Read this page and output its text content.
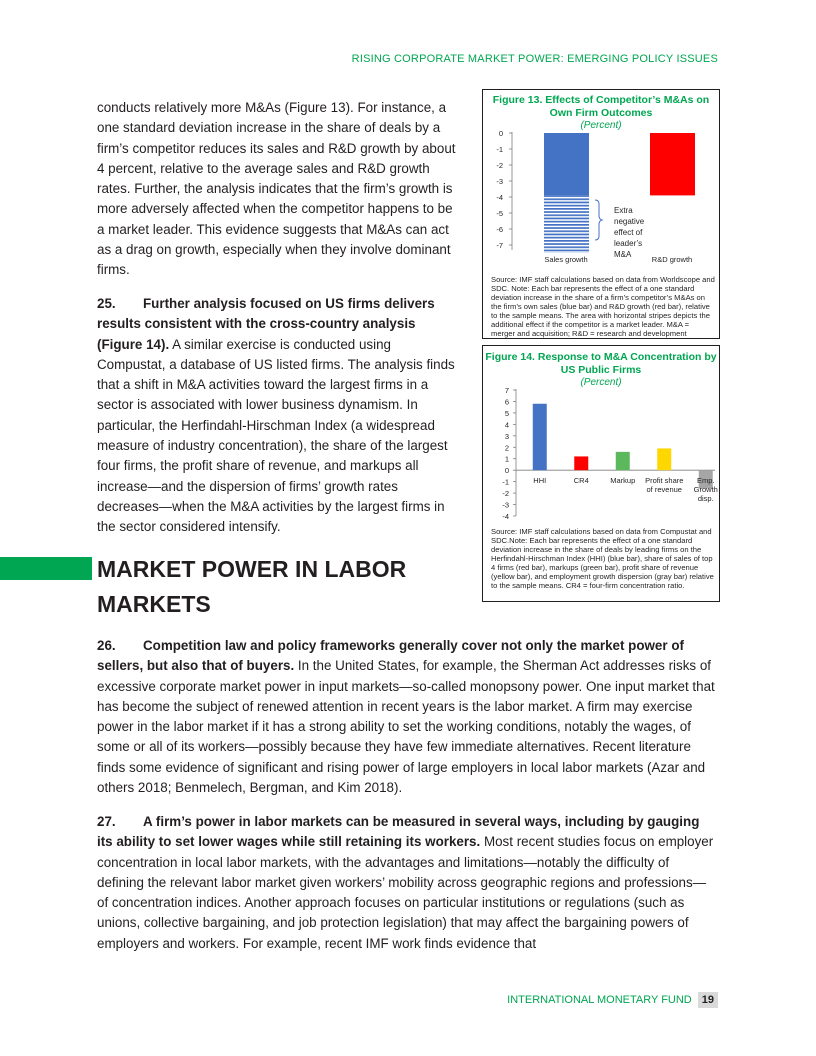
RISING CORPORATE MARKET POWER: EMERGING POLICY ISSUES

conducts relatively more M&As (Figure 13). For instance, a one standard deviation increase in the share of deals by a firm’s competitor reduces its sales and R&D growth by about 4 percent, relative to the average sales and R&D growth rates. Further, the analysis indicates that the firm’s growth is more adversely affected when the competitor happens to be a market leader. This evidence suggests that M&As can act as a drag on growth, especially when they involve dominant firms.

25. Further analysis focused on US firms delivers results consistent with the cross-country analysis (Figure 14). A similar exercise is conducted using Compustat, a database of US listed firms. The analysis finds that a shift in M&A activities toward the largest firms in a sector is associated with lower business dynamism. In particular, the Herfindahl-Hirschman Index (a widespread measure of industry concentration), the share of the largest four firms, the profit share of revenue, and markups all increase—and the dispersion of firms’ growth rates decreases—when the M&A activities by the largest firms in the sector considered intensify.

MARKET POWER IN LABOR MARKETS
Figure 13. Effects of Competitor’s M&As on Own Firm Outcomes
(Percent)
0
-1
-2
-3
-4
-5
-6
-7
Extra
negative
effect of
leader’s
M&A
Sales growth	R&D growth
Source: IMF staff calculations based on data from Worldscope and SDC. Note: Each bar represents the effect of a one standard deviation increase in the share of a firm’s competitor’s M&As on the firm’s own sales (blue bar) and R&D growth (red bar), relative to the sample means. The area with horizontal stripes depicts the additional effect if the competitor is a market leader. M&A = merger and acquisition; R&D = research and development
Figure 14. Response to M&A Concentration by US Public Firms
(Percent)
7
6
5
4
3
2
1
0
-1
-2
-3
-4
HHI	CR4	Markup Profit share
of revenue
Emp.
Growth
disp.
Source: IMF staff calculations based on data from Compustat and SDC.Note: Each bar represents the effect of a one standard deviation increase in the share of deals by leading firms on the Herfindahl-Hirschman Index (HHI) (blue bar), share of sales of top 4 firms (red bar), markups (green bar), profit share of revenue (yellow bar), and employment growth dispersion (gray bar) relative to the sample means. CR4 = four-firm concentration ratio.

26. Competition law and policy frameworks generally cover not only the market power of sellers, but also that of buyers. In the United States, for example, the Sherman Act addresses risks of excessive corporate market power in input markets—so-called monopsony power. One input market that has become the subject of renewed attention in recent years is the labor market. A firm may exercise power in the labor market if it has a strong ability to set the working conditions, notably the wages, of some or all of its workers—possibly because they have few immediate alternatives. Recent literature finds some evidence of significant and rising power of large employers in local labor markets (Azar and others 2018; Benmelech, Bergman, and Kim 2018).

27. A firm’s power in labor markets can be measured in several ways, including by gauging its ability to set lower wages while still retaining its workers. Most recent studies focus on employer concentration in local labor markets, with the advantages and limitations—notably the difficulty of defining the relevant labor market given workers’ mobility across geographic regions and professions—of concentration indices. Another approach focuses on particular institutions or regulations (such as unions, collective bargaining, and job protection legislation) that may affect the bargaining powers of employers and workers. For example, recent IMF work finds evidence that

INTERNATIONAL MONETARY FUND 19
